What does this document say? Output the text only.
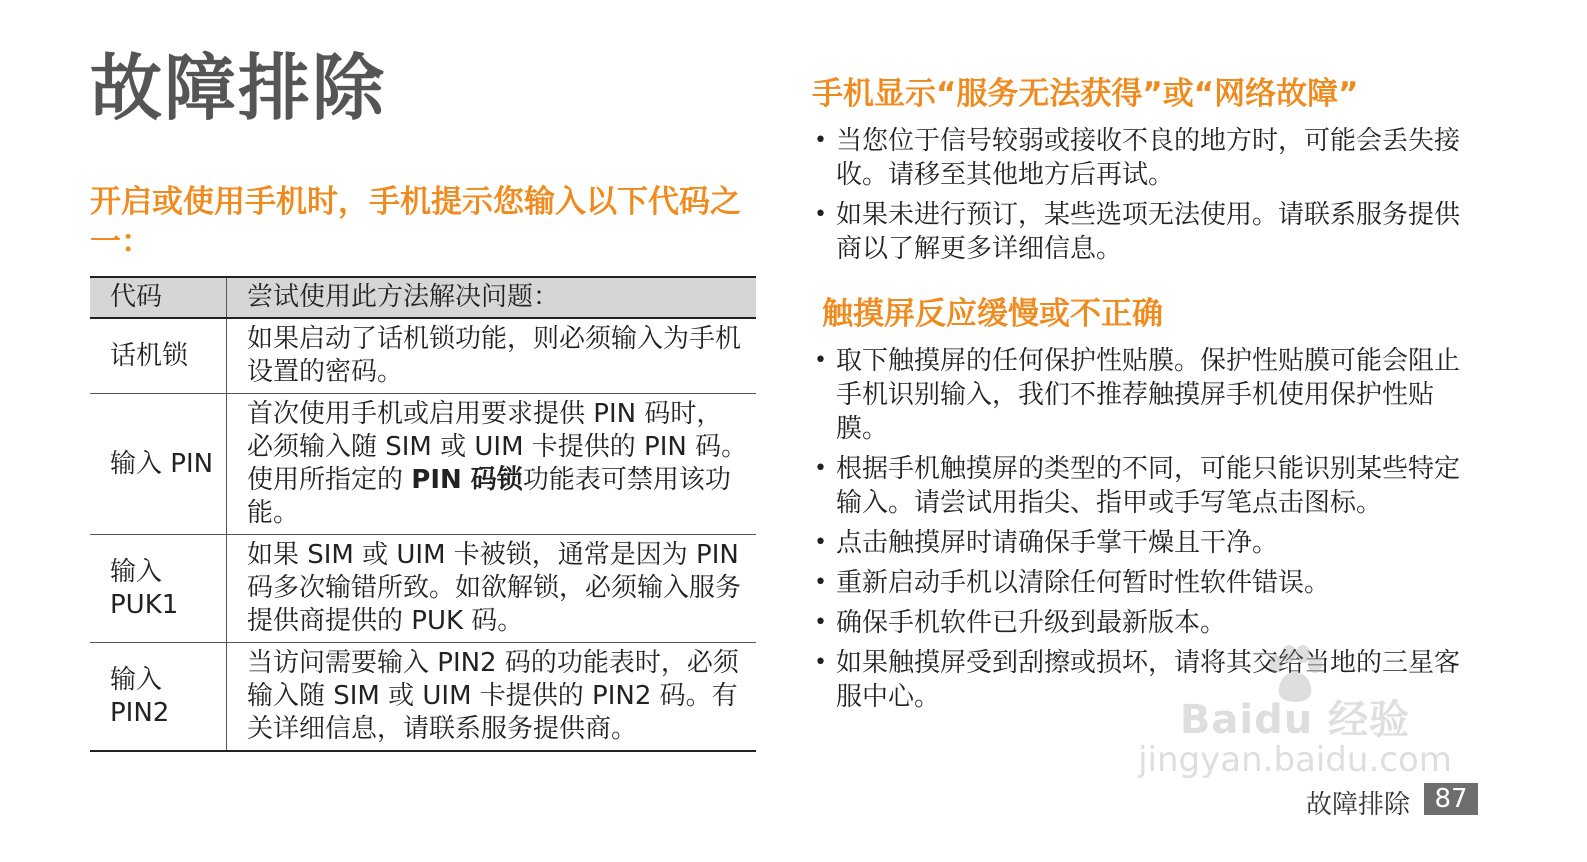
故障排除
开启或使用手机时，手机提示您输入以下代码之一：
代码	尝试使用此方法解决问题：
话机锁	如果启动了话机锁功能，则必须输入为手机设置的密码。
输入 PIN	首次使用手机或启用要求提供 PIN 码时，必须输入随 SIM 或 UIM 卡提供的 PIN 码。使用所指定的 PIN 码锁功能表可禁用该功能。
输入 PUK1	如果 SIM 或 UIM 卡被锁，通常是因为 PIN 码多次输错所致。如欲解锁，必须输入服务提供商提供的 PUK 码。
输入 PIN2	当访问需要输入 PIN2 码的功能表时，必须输入随 SIM 或 UIM 卡提供的 PIN2 码。有关详细信息，请联系服务提供商。
手机显示“服务无法获得”或“网络故障”
• 当您位于信号较弱或接收不良的地方时，可能会丢失接收。请移至其他地方后再试。
• 如果未进行预订，某些选项无法使用。请联系服务提供商以了解更多详细信息。
触摸屏反应缓慢或不正确
• 取下触摸屏的任何保护性贴膜。保护性贴膜可能会阻止手机识别输入，我们不推荐触摸屏手机使用保护性贴膜。
• 根据手机触摸屏的类型的不同，可能只能识别某些特定输入。请尝试用指尖、指甲或手写笔点击图标。
• 点击触摸屏时请确保手掌干燥且干净。
• 重新启动手机以清除任何暂时性软件错误。
• 确保手机软件已升级到最新版本。
• 如果触摸屏受到刮擦或损坏，请将其交给当地的三星客服中心。	Baidu 经验
jingyan.baidu.com
故障排除 87
